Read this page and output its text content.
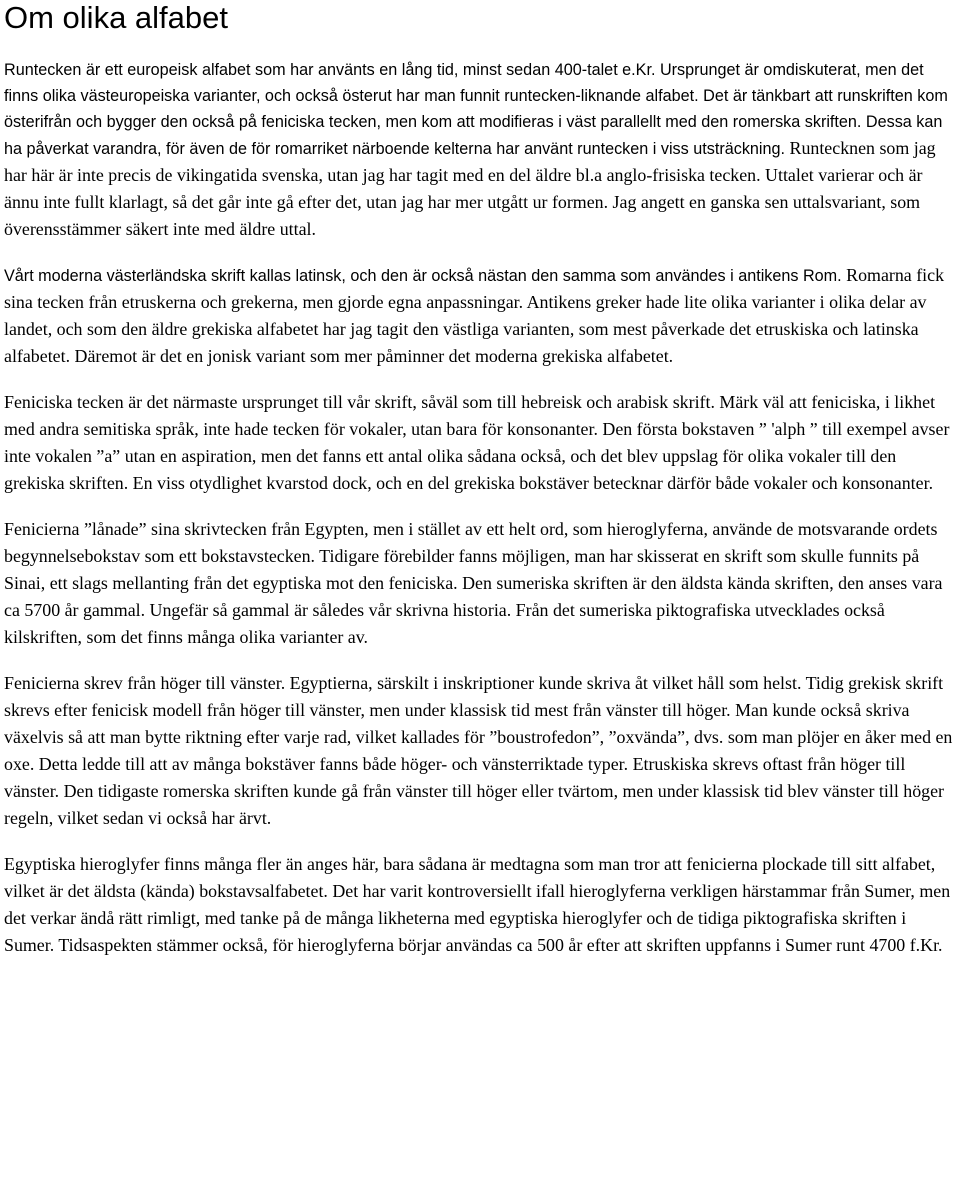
Om olika alfabet

Runtecken är ett europeisk alfabet som har använts en lång tid, minst sedan 400-talet e.Kr. Ursprunget är omdiskuterat, men det finns olika västeuropeiska varianter, och också österut har man funnit runtecken-liknande alfabet. Det är tänkbart att runskriften kom österifrån och bygger den också på feniciska tecken, men kom att modifieras i väst parallellt med den romerska skriften. Dessa kan ha påverkat varandra, för även de för romarriket närboende kelterna har använt runtecken i viss utsträckning. Runtecknen som jag har här är inte precis de vikingatida svenska, utan jag har tagit med en del äldre bl.a anglo-frisiska tecken. Uttalet varierar och är ännu inte fullt klarlagt, så det går inte gå efter det, utan jag har mer utgått ur formen. Jag angett en ganska sen uttalsvariant, som överensstämmer säkert inte med äldre uttal.

Vårt moderna västerländska skrift kallas latinsk, och den är också nästan den samma som användes i antikens Rom. Romarna fick sina tecken från etruskerna och grekerna, men gjorde egna anpassningar. Antikens greker hade lite olika varianter i olika delar av landet, och som den äldre grekiska alfabetet har jag tagit den västliga varianten, som mest påverkade det etruskiska och latinska alfabetet. Däremot är det en jonisk variant som mer påminner det moderna grekiska alfabetet.

Feniciska tecken är det närmaste ursprunget till vår skrift, såväl som till hebreisk och arabisk skrift. Märk väl att feniciska, i likhet med andra semitiska språk, inte hade tecken för vokaler, utan bara för konsonanter. Den första bokstaven ” 'alph ” till exempel avser inte vokalen ”a” utan en aspiration, men det fanns ett antal olika sådana också, och det blev uppslag för olika vokaler till den grekiska skriften. En viss otydlighet kvarstod dock, och en del grekiska bokstäver betecknar därför både vokaler och konsonanter.

Fenicierna ”lånade” sina skrivtecken från Egypten, men i stället av ett helt ord, som hieroglyferna, använde de motsvarande ordets begynnelsebokstav som ett bokstavstecken. Tidigare förebilder fanns möjligen, man har skisserat en skrift som skulle funnits på Sinai, ett slags mellanting från det egyptiska mot den feniciska. Den sumeriska skriften är den äldsta kända skriften, den anses vara ca 5700 år gammal. Ungefär så gammal är således vår skrivna historia. Från det sumeriska piktografiska utvecklades också kilskriften, som det finns många olika varianter av.

Fenicierna skrev från höger till vänster. Egyptierna, särskilt i inskriptioner kunde skriva åt vilket håll som helst. Tidig grekisk skrift skrevs efter fenicisk modell från höger till vänster, men under klassisk tid mest från vänster till höger. Man kunde också skriva växelvis så att man bytte riktning efter varje rad, vilket kallades för ”boustrofedon”, ”oxvända”, dvs. som man plöjer en åker med en oxe. Detta ledde till att av många bokstäver fanns både höger- och vänsterriktade typer. Etruskiska skrevs oftast från höger till vänster. Den tidigaste romerska skriften kunde gå från vänster till höger eller tvärtom, men under klassisk tid blev vänster till höger regeln, vilket sedan vi också har ärvt.

Egyptiska hieroglyfer finns många fler än anges här, bara sådana är medtagna som man tror att fenicierna plockade till sitt alfabet, vilket är det äldsta (kända) bokstavsalfabetet. Det har varit kontroversiellt ifall hieroglyferna verkligen härstammar från Sumer, men det verkar ändå rätt rimligt, med tanke på de många likheterna med egyptiska hieroglyfer och de tidiga piktografiska skriften i Sumer. Tidsaspekten stämmer också, för hieroglyferna börjar användas ca 500 år efter att skriften uppfanns i Sumer runt 4700 f.Kr.
